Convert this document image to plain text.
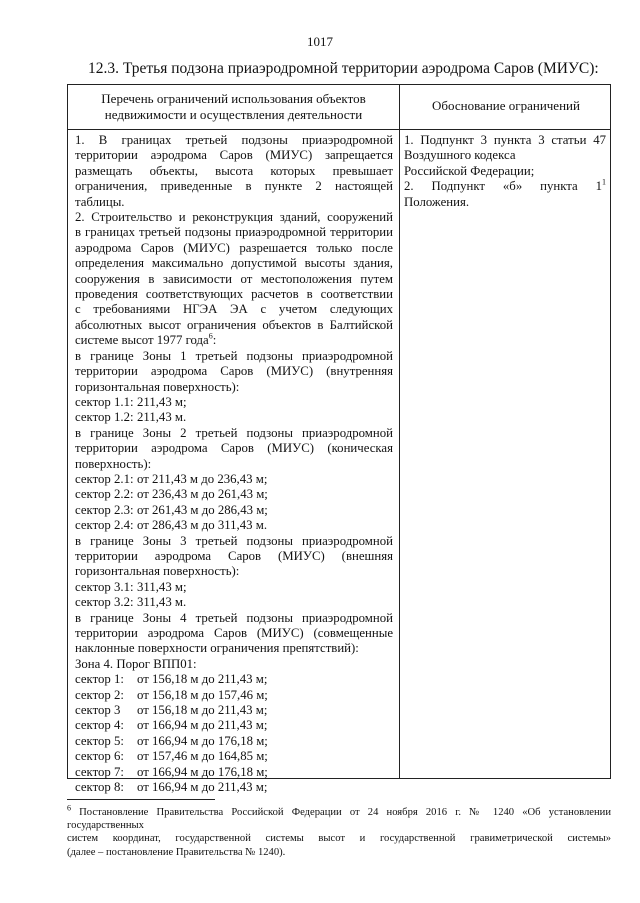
1017
12.3. Третья подзона приаэродромной территории аэродрома Саров (МИУС):
Перечень ограничений использования объектов недвижимости и осуществления деятельности
Обоснование ограничений
1. В границах третьей подзоны приаэродромной
территории аэродрома Саров (МИУС) запрещается
размещать объекты, высота которых превышает
ограничения, приведенные в пункте 2 настоящей
таблицы.
2. Строительство и реконструкция зданий, сооружений
в границах третьей подзоны приаэродромной территории
аэродрома Саров (МИУС) разрешается только после
определения максимально допустимой высоты здания,
сооружения в зависимости от местоположения путем
проведения соответствующих расчетов в соответствии
с требованиями НГЭА ЭА с учетом следующих
абсолютных высот ограничения объектов в Балтийской
системе высот 1977 года$^6$:
в границе Зоны 1 третьей подзоны приаэродромной
территории аэродрома Саров (МИУС) (внутренняя
горизонтальная поверхность):
сектор 1.1: 211,43 м;
сектор 1.2: 211,43 м.
в границе Зоны 2 третьей подзоны приаэродромной
территории аэродрома Саров (МИУС) (коническая
поверхность):
сектор 2.1: от 211,43 м до 236,43 м;
сектор 2.2: от 236,43 м до 261,43 м;
сектор 2.3: от 261,43 м до 286,43 м;
сектор 2.4: от 286,43 м до 311,43 м.
в границе Зоны 3 третьей подзоны приаэродромной
территории аэродрома Саров (МИУС) (внешняя
горизонтальная поверхность):
сектор 3.1: 311,43 м;
сектор 3.2: 311,43 м.
в границе Зоны 4 третьей подзоны приаэродромной
территории аэродрома Саров (МИУС) (совмещенные
наклонные поверхности ограничения препятствий):
Зона 4. Порог ВПП01:
сектор 1:	от 156,18 м до 211,43 м;
сектор 2:	от 156,18 м до 157,46 м;
сектор 3	от 156,18 м до 211,43 м;
сектор 4:	от 166,94 м до 211,43 м;
сектор 5:	от 166,94 м до 176,18 м;
сектор 6:	от 157,46 м до 164,85 м;
сектор 7:	от 166,94 м до 176,18 м;
сектор 8:	от 166,94 м до 211,43 м;
1. Подпункт 3 пункта 3 статьи 47
Воздушного кодекса
Российской Федерации;
2. Подпункт «б» пункта $1^1$
Положения.
$^6$ Постановление Правительства Российской Федерации от 24 ноября 2016 г. № 1240 «Об установлении государственных
систем координат, государственной системы высот и государственной гравиметрической системы»
(далее – постановление Правительства № 1240).
